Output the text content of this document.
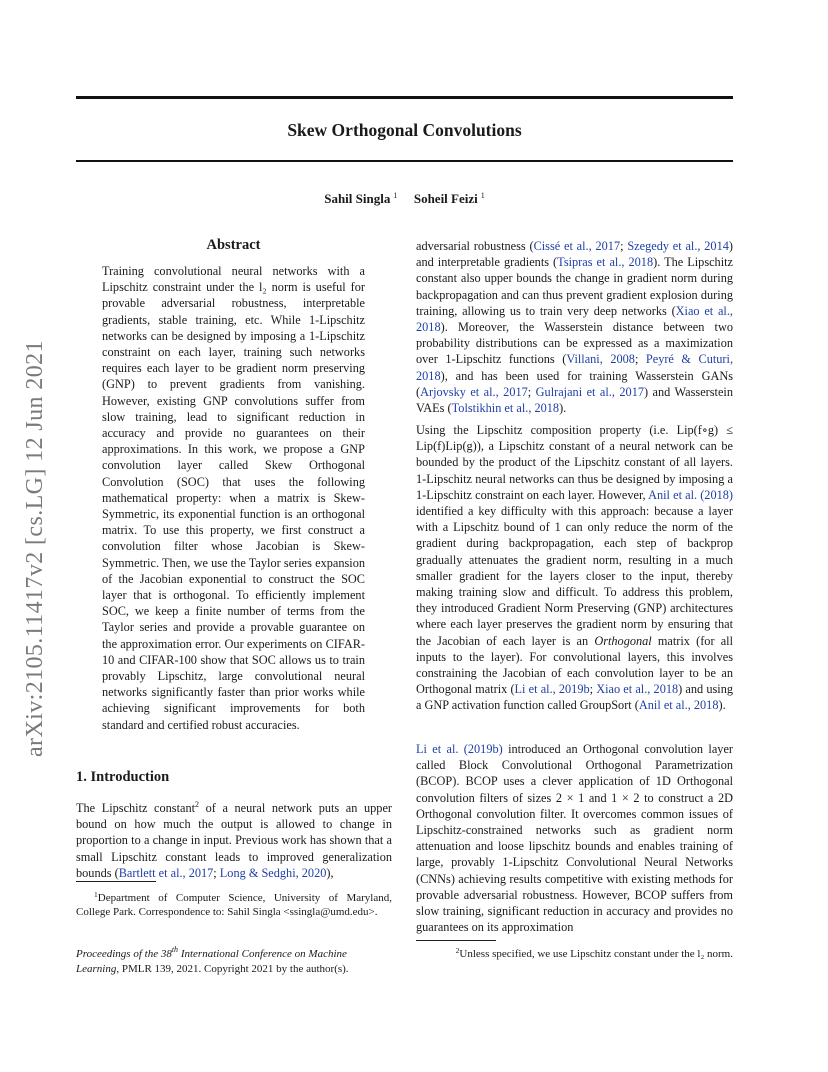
Skew Orthogonal Convolutions
Sahil Singla $^1$ Soheil Feizi $^1$
arXiv:2105.11417v2 [cs.LG] 12 Jun 2021
Abstract
Training convolutional neural networks with a Lipschitz constraint under the l₂ norm is useful for provable adversarial robustness, interpretable gradients, stable training, etc. While 1-Lipschitz networks can be designed by imposing a 1-Lipschitz constraint on each layer, training such networks requires each layer to be gradient norm preserving (GNP) to prevent gradients from vanishing. However, existing GNP convolutions suffer from slow training, lead to significant reduction in accuracy and provide no guarantees on their approximations. In this work, we propose a GNP convolution layer called Skew Orthogonal Convolution (SOC) that uses the following mathematical property: when a matrix is Skew-Symmetric, its exponential function is an orthogonal matrix. To use this property, we first construct a convolution filter whose Jacobian is Skew-Symmetric. Then, we use the Taylor series expansion of the Jacobian exponential to construct the SOC layer that is orthogonal. To efficiently implement SOC, we keep a finite number of terms from the Taylor series and provide a provable guarantee on the approximation error. Our experiments on CIFAR-10 and CIFAR-100 show that SOC allows us to train provably Lipschitz, large convolutional neural networks significantly faster than prior works while achieving significant improvements for both standard and certified robust accuracies.
1. Introduction
The Lipschitz constant$^2$ of a neural network puts an upper bound on how much the output is allowed to change in proportion to a change in input. Previous work has shown that a small Lipschitz constant leads to improved generalization bounds (Bartlett et al., 2017; Long & Sedghi, 2020),
$^1$Department of Computer Science, University of Maryland, College Park. Correspondence to: Sahil Singla <ssingla@umd.edu>.
Proceedings of the 38th International Conference on Machine Learning, PMLR 139, 2021. Copyright 2021 by the author(s).
adversarial robustness (Cissé et al., 2017; Szegedy et al., 2014) and interpretable gradients (Tsipras et al., 2018). The Lipschitz constant also upper bounds the change in gradient norm during backpropagation and can thus prevent gradient explosion during training, allowing us to train very deep networks (Xiao et al., 2018). Moreover, the Wasserstein distance between two probability distributions can be expressed as a maximization over 1-Lipschitz functions (Villani, 2008; Peyré & Cuturi, 2018), and has been used for training Wasserstein GANs (Arjovsky et al., 2017; Gulrajani et al., 2017) and Wasserstein VAEs (Tolstikhin et al., 2018).
Using the Lipschitz composition property (i.e. Lip(f∘g) ≤ Lip(f)Lip(g)), a Lipschitz constant of a neural network can be bounded by the product of the Lipschitz constant of all layers. 1-Lipschitz neural networks can thus be designed by imposing a 1-Lipschitz constraint on each layer. However, Anil et al. (2018) identified a key difficulty with this approach: because a layer with a Lipschitz bound of 1 can only reduce the norm of the gradient during backpropagation, each step of backprop gradually attenuates the gradient norm, resulting in a much smaller gradient for the layers closer to the input, thereby making training slow and difficult. To address this problem, they introduced Gradient Norm Preserving (GNP) architectures where each layer preserves the gradient norm by ensuring that the Jacobian of each layer is an Orthogonal matrix (for all inputs to the layer). For convolutional layers, this involves constraining the Jacobian of each convolution layer to be an Orthogonal matrix (Li et al., 2019b; Xiao et al., 2018) and using a GNP activation function called GroupSort (Anil et al., 2018).
Li et al. (2019b) introduced an Orthogonal convolution layer called Block Convolutional Orthogonal Parametrization (BCOP). BCOP uses a clever application of 1D Orthogonal convolution filters of sizes 2 × 1 and 1 × 2 to construct a 2D Orthogonal convolution filter. It overcomes common issues of Lipschitz-constrained networks such as gradient norm attenuation and loose lipschitz bounds and enables training of large, provably 1-Lipschitz Convolutional Neural Networks (CNNs) achieving results competitive with existing methods for provable adversarial robustness. However, BCOP suffers from slow training, significant reduction in accuracy and provides no guarantees on its approximation
$^2$Unless specified, we use Lipschitz constant under the l₂ norm.
